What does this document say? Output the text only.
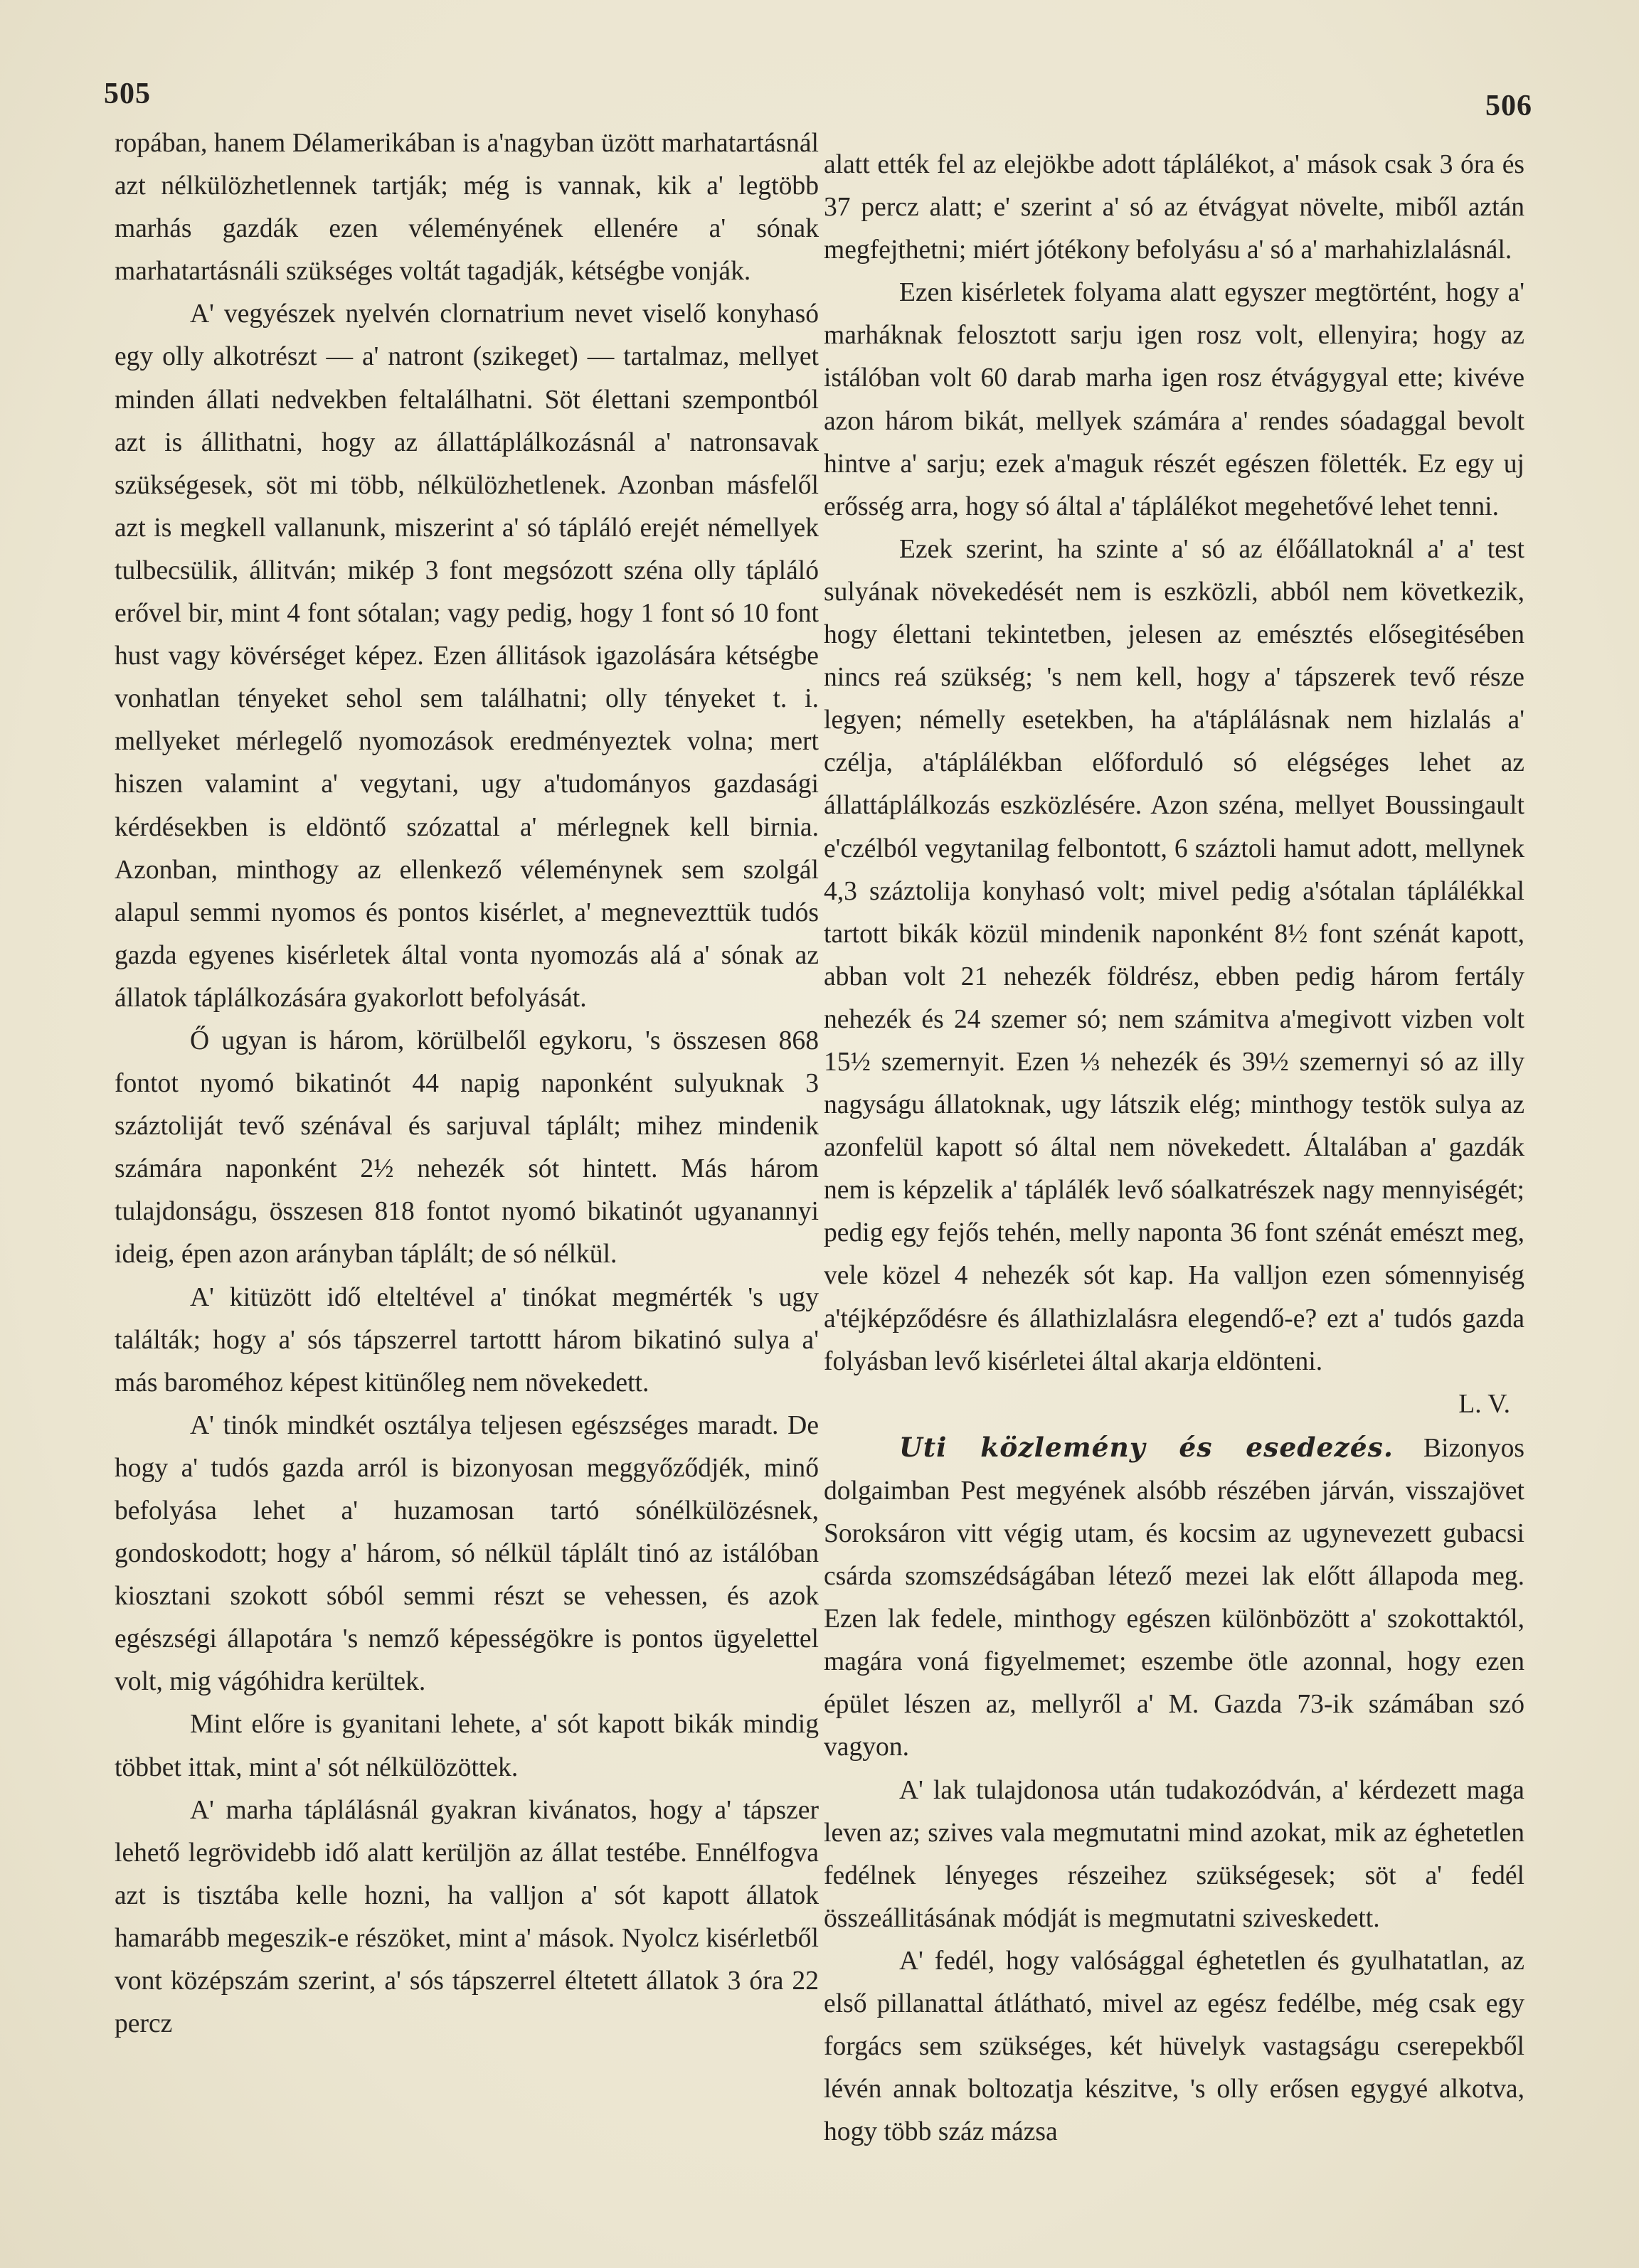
505	506

ropában, hanem Délamerikában is a'nagyban üzött marhatartásnál azt nélkülözhetlennek tartják; még is vannak, kik a' legtöbb marhás gazdák ezen véleményének ellenére a' sónak marhatartásnáli szükséges voltát tagadják, kétségbe vonják.

A' vegyészek nyelvén clornatrium nevet viselő konyhasó egy olly alkotrészt — a' natront (szikeget) — tartalmaz, mellyet minden állati nedvekben feltalálhatni. Söt élettani szempontból azt is állithatni, hogy az állattáplálkozásnál a' natronsavak szükségesek, söt mi több, nélkülözhetlenek. Azonban másfelől azt is megkell vallanunk, miszerint a' só tápláló erejét némellyek tulbecsülik, állitván; mikép 3 font megsózott széna olly tápláló erővel bir, mint 4 font sótalan; vagy pedig, hogy 1 font só 10 font hust vagy kövérséget képez. Ezen állitások igazolására kétségbe vonhatlan tényeket sehol sem találhatni; olly tényeket t. i. mellyeket mérlegelő nyomozások eredményeztek volna; mert hiszen valamint a' vegytani, ugy a'tudományos gazdasági kérdésekben is eldöntő szózattal a' mérlegnek kell birnia. Azonban, minthogy az ellenkező véleménynek sem szolgál alapul semmi nyomos és pontos kisérlet, a' megnevezttük tudós gazda egyenes kisérletek által vonta nyomozás alá a' sónak az állatok táplálkozására gyakorlott befolyását.

Ő ugyan is három, körülbelől egykoru, 's összesen 868 fontot nyomó bikatinót 44 napig naponként sulyuknak 3 száztoliját tevő szénával és sarjuval táplált; mihez mindenik számára naponként 2½ nehezék sót hintett. Más három tulajdonságu, összesen 818 fontot nyomó bikatinót ugyanannyi ideig, épen azon arányban táplált; de só nélkül.

A' kitüzött idő elteltével a' tinókat megmérték 's ugy találták; hogy a' sós tápszerrel tartottt három bikatinó sulya a' más barоméhoz képest kitünőleg nem növekedett.

A' tinók mindkét osztálya teljesen egészséges maradt. De hogy a' tudós gazda arról is bizonyosan meggyőződjék, minő befolyása lehet a' huzamosan tartó sónélkülözésnek, gondoskodott; hogy a' három, só nélkül táplált tinó az istálóban kiosztani szokott sóból semmi részt se vehessen, és azok egészségi állapotára 's nemző képességökre is pontos ügyelettel volt, mig vágóhidra kerültek.

Mint előre is gyanitani lehete, a' sót kapott bikák mindig többet ittak, mint a' sót nélkülözöttek.

A' marha táplálásnál gyakran kivánatos, hogy a' tápszer lehető legrövidebb idő alatt kerüljön az állat testébe. Ennélfogva azt is tisztába kelle hozni, ha valljon a' sót kapott állatok hamarább megeszik-e részöket, mint a' mások. Nyolcz kisérletből vont középszám szerint, a' sós tápszerrel éltetett állatok 3 óra 22 percz

alatt ették fel az elejökbe adott táplálékot, a' mások csak 3 óra és 37 percz alatt; e' szerint a' só az étvágyat növelte, miből aztán megfejthetni; miért jótékony befolyásu a' só a' marhahizlalásnál.

Ezen kisérletek folyama alatt egyszer megtörtént, hogy a' marháknak felosztott sarju igen rosz volt, ellenyira; hogy az istálóban volt 60 darab marha igen rosz étvágygyal ette; kivéve azon három bikát, mellyek számára a' rendes sóadaggal bevolt hintve a' sarju; ezek a'maguk részét egészen fölették. Ez egy uj erősség arra, hogy só által a' táplálékot megehetővé lehet tenni.

Ezek szerint, ha szinte a' só az élőállatoknál a' a' test sulyának növekedését nem is eszközli, abból nem következik, hogy élettani tekintetben, jelesen az emésztés elősegitésében nincs reá szükség; 's nem kell, hogy a' tápszerek tevő része legyen; némelly esetekben, ha a'táplálásnak nem hizlalás a' czélja, a'táplálékban előforduló só elégséges lehet az állattáplálkozás eszközlésére. Azon széna, mellyet Boussingault e'czélból vegytanilag felbontott, 6 száztoli hamut adott, mellynek 4,3 száztolija konyhasó volt; mivel pedig a'sótalan táplálékkal tartott bikák közül mindenik naponként 8½ font szénát kapott, abban volt 21 nehezék földrész, ebben pedig három fertály nehezék és 24 szemer só; nem számitva a'megivott vizben volt 15½ szemernyit. Ezen ⅓ nehezék és 39½ szemernyi só az illy nagyságu állatoknak, ugy látszik elég; minthogy testök sulya az azonfelül kapott só által nem növekedett. Általában a' gazdák nem is képzelik a' táplálék levő sóalkatrészek nagy mennyiségét; pedig egy fejős tehén, melly naponta 36 font szénát emészt meg, vele közel 4 nehezék sót kap. Ha valljon ezen sómennyiség a'téjképződésre és állathizlalásra elegendő-e? ezt a' tudós gazda folyásban levő kisérletei által akarja eldönteni.

L. V.

Uti közlemény és esedezés. Bizonyos dolgaimban Pest megyének alsóbb részében járván, visszajövet Soroksáron vitt végig utam, és kocsim az ugynevezett gubacsi csárda szomszédságában létező mezei lak előtt állapoda meg. Ezen lak fedele, minthogy egészen különbözött a' szokottaktól, magára voná figyelmemet; eszembe ötle azonnal, hogy ezen épület lészen az, mellyről a' M. Gazda 73-ik számában szó vagyon.

A' lak tulajdonosa után tudakozódván, a' kérdezett maga leven az; szives vala megmutatni mind azokat, mik az éghetetlen fedélnek lényeges részeihez szükségesek; söt a' fedél összeállitásának módját is megmutatni sziveskedett.

A' fedél, hogy valósággal éghetetlen és gyulhatatlan, az első pillanattal átlátható, mivel az egész fedélbe, még csak egy forgács sem szükséges, két hüvelyk vastagságu cserepekből lévén annak boltozatja készitve, 's olly erősen egygyé alkotva, hogy több száz mázsa
